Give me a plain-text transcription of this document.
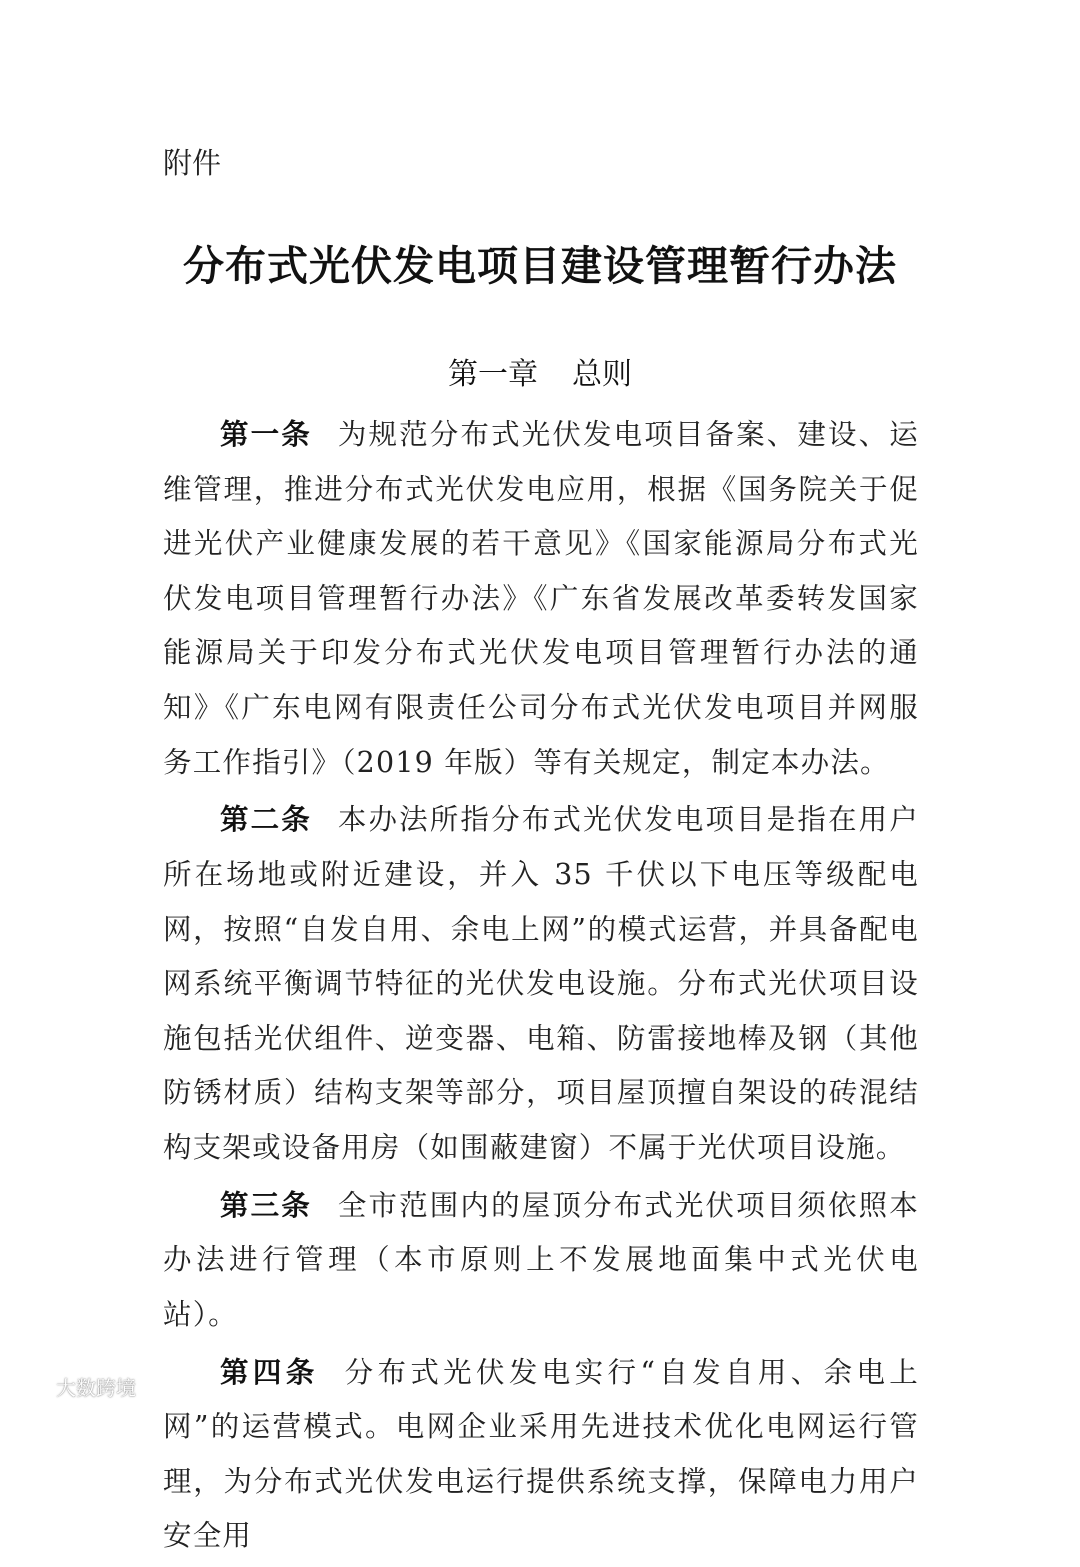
附件
分布式光伏发电项目建设管理暂行办法
第一章 总则

第一条 为规范分布式光伏发电项目备案、建设、运维管理，推进分布式光伏发电应用，根据《国务院关于促进光伏产业健康发展的若干意见》《国家能源局分布式光伏发电项目管理暂行办法》《广东省发展改革委转发国家能源局关于印发分布式光伏发电项目管理暂行办法的通知》《广东电网有限责任公司分布式光伏发电项目并网服务工作指引》（2019 年版）等有关规定，制定本办法。

第二条 本办法所指分布式光伏发电项目是指在用户所在场地或附近建设，并入 35 千伏以下电压等级配电网，按照“自发自用、余电上网”的模式运营，并具备配电网系统平衡调节特征的光伏发电设施。分布式光伏项目设施包括光伏组件、逆变器、电箱、防雷接地棒及钢（其他防锈材质）结构支架等部分，项目屋顶擅自架设的砖混结构支架或设备用房（如围蔽建窗）不属于光伏项目设施。

第三条 全市范围内的屋顶分布式光伏项目须依照本办法进行管理（本市原则上不发展地面集中式光伏电站）。

第四条 分布式光伏发电实行“自发自用、余电上网”的运营模式。电网企业采用先进技术优化电网运行管理，为分布式光伏发电运行提供系统支撑，保障电力用户安全用

大数跨境
